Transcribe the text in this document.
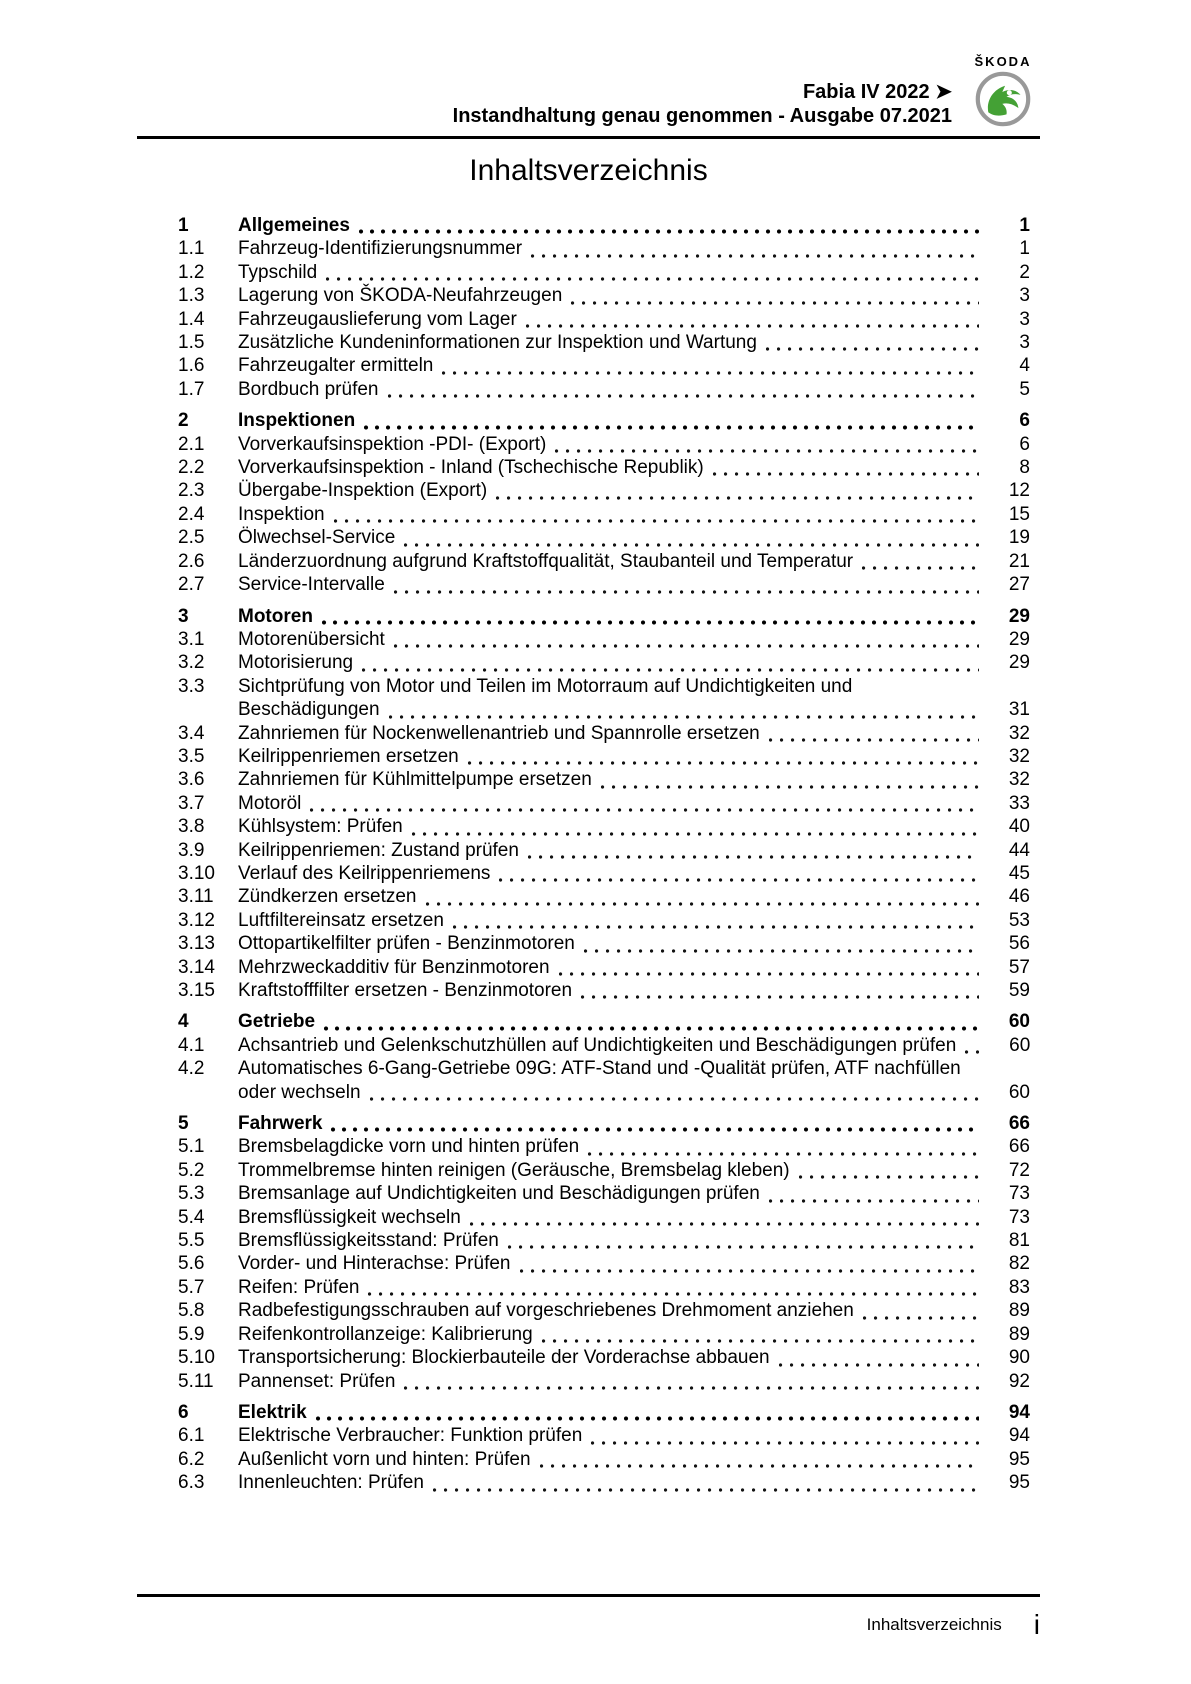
Fabia IV 2022 ➤
Instandhaltung genau genommen - Ausgabe 07.2021
ŠKODA
Inhaltsverzeichnis
1	Allgemeines	1
1.1	Fahrzeug-Identifizierungsnummer	1
1.2	Typschild	2
1.3	Lagerung von ŠKODA-Neufahrzeugen	3
1.4	Fahrzeugauslieferung vom Lager	3
1.5	Zusätzliche Kundeninformationen zur Inspektion und Wartung	3
1.6	Fahrzeugalter ermitteln	4
1.7	Bordbuch prüfen	5
2	Inspektionen	6
2.1	Vorverkaufsinspektion -PDI- (Export)	6
2.2	Vorverkaufsinspektion - Inland (Tschechische Republik)	8
2.3	Übergabe-Inspektion (Export)	12
2.4	Inspektion	15
2.5	Ölwechsel-Service	19
2.6	Länderzuordnung aufgrund Kraftstoffqualität, Staubanteil und Temperatur	21
2.7	Service-Intervalle	27
3	Motoren	29
3.1	Motorenübersicht	29
3.2	Motorisierung	29
3.3	Sichtprüfung von Motor und Teilen im Motorraum auf Undichtigkeiten und
Beschädigungen	31
3.4	Zahnriemen für Nockenwellenantrieb und Spannrolle ersetzen	32
3.5	Keilrippenriemen ersetzen	32
3.6	Zahnriemen für Kühlmittelpumpe ersetzen	32
3.7	Motoröl	33
3.8	Kühlsystem: Prüfen	40
3.9	Keilrippenriemen: Zustand prüfen	44
3.10	Verlauf des Keilrippenriemens	45
3.11	Zündkerzen ersetzen	46
3.12	Luftfiltereinsatz ersetzen	53
3.13	Ottopartikelfilter prüfen - Benzinmotoren	56
3.14	Mehrzweckadditiv für Benzinmotoren	57
3.15	Kraftstofffilter ersetzen - Benzinmotoren	59
4	Getriebe	60
4.1	Achsantrieb und Gelenkschutzhüllen auf Undichtigkeiten und Beschädigungen prüfen	60
4.2	Automatisches 6-Gang-Getriebe 09G: ATF-Stand und -Qualität prüfen, ATF nachfüllen
oder wechseln	60
5	Fahrwerk	66
5.1	Bremsbelagdicke vorn und hinten prüfen	66
5.2	Trommelbremse hinten reinigen (Geräusche, Bremsbelag kleben)	72
5.3	Bremsanlage auf Undichtigkeiten und Beschädigungen prüfen	73
5.4	Bremsflüssigkeit wechseln	73
5.5	Bremsflüssigkeitsstand: Prüfen	81
5.6	Vorder- und Hinterachse: Prüfen	82
5.7	Reifen: Prüfen	83
5.8	Radbefestigungsschrauben auf vorgeschriebenes Drehmoment anziehen	89
5.9	Reifenkontrollanzeige: Kalibrierung	89
5.10	Transportsicherung: Blockierbauteile der Vorderachse abbauen	90
5.11	Pannenset: Prüfen	92
6	Elektrik	94
6.1	Elektrische Verbraucher: Funktion prüfen	94
6.2	Außenlicht vorn und hinten: Prüfen	95
6.3	Innenleuchten: Prüfen	95
Inhaltsverzeichnis i
